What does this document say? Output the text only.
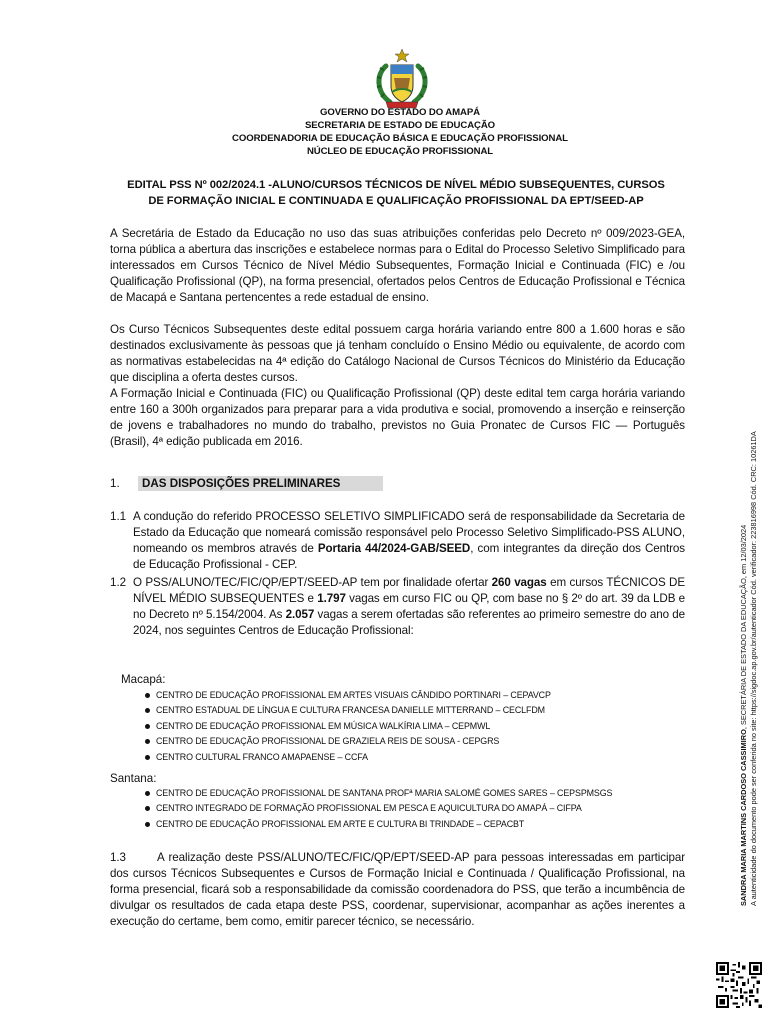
GOVERNO DO ESTADO DO AMAPÁ
SECRETARIA DE ESTADO DE EDUCAÇÃO
COORDENADORIA DE EDUCAÇÃO BÁSICA E EDUCAÇÃO PROFISSIONAL
NÚCLEO DE EDUCAÇÃO PROFISSIONAL
EDITAL PSS Nº 002/2024.1 -ALUNO/CURSOS TÉCNICOS DE NÍVEL MÉDIO SUBSEQUENTES, CURSOS
DE FORMAÇÃO INICIAL E CONTINUADA E QUALIFICAÇÃO PROFISSIONAL DA EPT/SEED-AP
A Secretária de Estado da Educação no uso das suas atribuições conferidas pelo Decreto nº 009/2023-GEA, torna pública a abertura das inscrições e estabelece normas para o Edital do Processo Seletivo Simplificado para interessados em Cursos Técnico de Nível Médio Subsequentes, Formação Inicial e Continuada (FIC) e /ou Qualificação Profissional (QP), na forma presencial, ofertados pelos Centros de Educação Profissional e Técnica de Macapá e Santana pertencentes a rede estadual de ensino.
Os Curso Técnicos Subsequentes deste edital possuem carga horária variando entre 800 a 1.600 horas e são destinados exclusivamente às pessoas que já tenham concluído o Ensino Médio ou equivalente, de acordo com as normativas estabelecidas na 4ª edição do Catálogo Nacional de Cursos Técnicos do Ministério da Educação que disciplina a oferta destes cursos.
A Formação Inicial e Continuada (FIC) ou Qualificação Profissional (QP) deste edital tem carga horária variando entre 160 a 300h organizados para preparar para a vida produtiva e social, promovendo a inserção e reinserção de jovens e trabalhadores no mundo do trabalho, previstos no Guia Pronatec de Cursos FIC — Português (Brasil), 4ª edição publicada em 2016.
1.	DAS DISPOSIÇÕES PRELIMINARES
1.1 A condução do referido PROCESSO SELETIVO SIMPLIFICADO será de responsabilidade da Secretaria de Estado da Educação que nomeará comissão responsável pelo Processo Seletivo Simplificado-PSS ALUNO, nomeando os membros através de Portaria 44/2024-GAB/SEED, com integrantes da direção dos Centros de Educação Profissional - CEP.
1.2 O PSS/ALUNO/TEC/FIC/QP/EPT/SEED-AP tem por finalidade ofertar 260 vagas em cursos TÉCNICOS DE NÍVEL MÉDIO SUBSEQUENTES e 1.797 vagas em curso FIC ou QP, com base no § 2º do art. 39 da LDB e no Decreto nº 5.154/2004. As 2.057 vagas a serem ofertadas são referentes ao primeiro semestre do ano de 2024, nos seguintes Centros de Educação Profissional:
Macapá:
CENTRO DE EDUCAÇÃO PROFISSIONAL EM ARTES VISUAIS CÂNDIDO PORTINARI – CEPAVCP
CENTRO ESTADUAL DE LÍNGUA E CULTURA FRANCESA DANIELLE MITTERRAND – CECLFDM
CENTRO DE EDUCAÇÃO PROFISSIONAL EM MÚSICA WALKÍRIA LIMA – CEPMWL
CENTRO DE EDUCAÇÃO PROFISSIONAL DE GRAZIELA REIS DE SOUSA - CEPGRS
CENTRO CULTURAL FRANCO AMAPAENSE – CCFA
Santana:
CENTRO DE EDUCAÇÃO PROFISSIONAL DE SANTANA PROFª MARIA SALOMÉ GOMES SARES – CEPSPMSGS
CENTRO INTEGRADO DE FORMAÇÃO PROFISSIONAL EM PESCA E AQUICULTURA DO AMAPÁ – CIFPA
CENTRO DE EDUCAÇÃO PROFISSIONAL EM ARTE E CULTURA BI TRINDADE – CEPACBT
1.3	A realização deste PSS/ALUNO/TEC/FIC/QP/EPT/SEED-AP para pessoas interessadas em participar dos cursos Técnicos Subsequentes e Cursos de Formação Inicial e Continuada / Qualificação Profissional, na forma presencial, ficará sob a responsabilidade da comissão coordenadora do PSS, que terão a incumbência de divulgar os resultados de cada etapa deste PSS, coordenar, supervisionar, acompanhar as ações inerentes a execução do certame, bem como, emitir parecer técnico, se necessário.
SANDRA MARIA MARTINS CARDOSO CASSIMIRO, SECRETÁRIA DE ESTADO DA EDUCAÇÃO, em 12/03/2024 A autenticidade do documento pode ser conferida no site: https://sigdoc.ap.gov.br/autenticador Cód. verificador: 223816998 Cód. CRC: 10261DA
